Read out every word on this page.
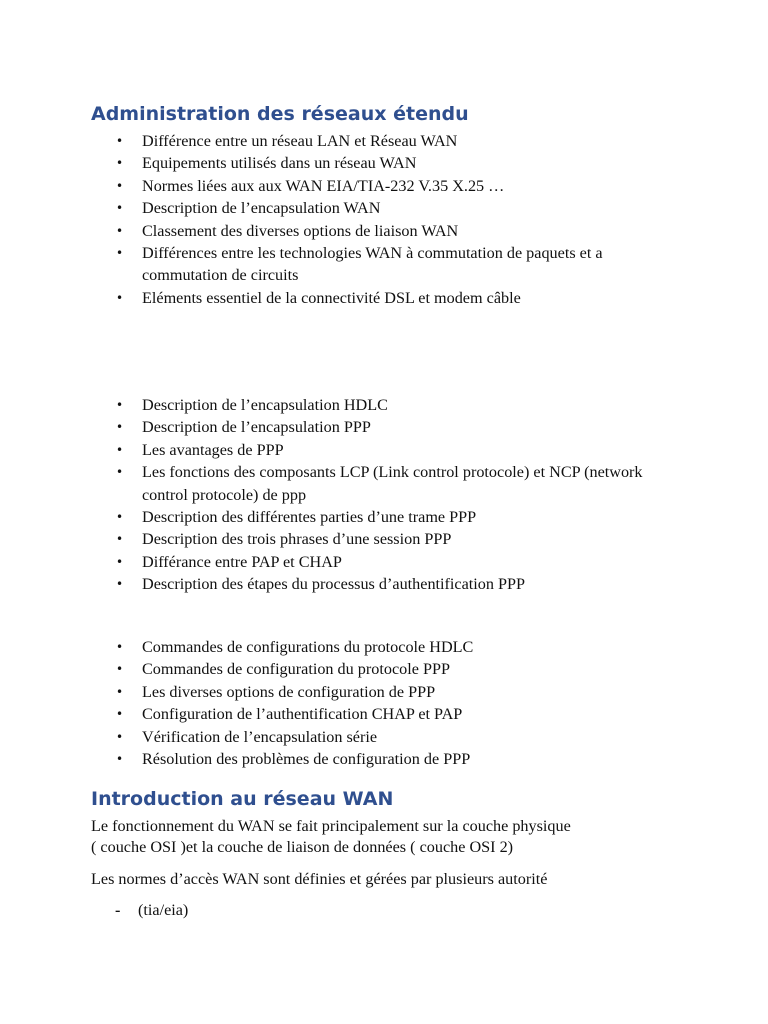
Administration des réseaux étendu
• Différence entre un réseau LAN et Réseau WAN
• Equipements utilisés dans un réseau WAN
• Normes liées aux aux WAN EIA/TIA-232 V.35 X.25 …
• Description de l’encapsulation WAN
• Classement des diverses options de liaison WAN
• Différences entre les technologies WAN à commutation de paquets et a commutation de circuits
• Eléments essentiel de la connectivité DSL et modem câble
• Description de l’encapsulation HDLC
• Description de l’encapsulation PPP
• Les avantages de PPP
• Les fonctions des composants LCP (Link control protocole) et NCP (network control protocole) de ppp
• Description des différentes parties d’une trame PPP
• Description des trois phrases d’une session PPP
• Différance entre PAP et CHAP
• Description des étapes du processus d’authentification PPP
• Commandes de configurations du protocole HDLC
• Commandes de configuration du protocole PPP
• Les diverses options de configuration de PPP
• Configuration de l’authentification CHAP et PAP
• Vérification de l’encapsulation série
• Résolution des problèmes de configuration de PPP
Introduction au réseau WAN

Le fonctionnement du WAN se fait principalement sur la couche physique

( couche OSI )et la couche de liaison de données ( couche OSI 2)

Les normes d’accès WAN sont définies et gérées par plusieurs autorité

- (tia/eia)
